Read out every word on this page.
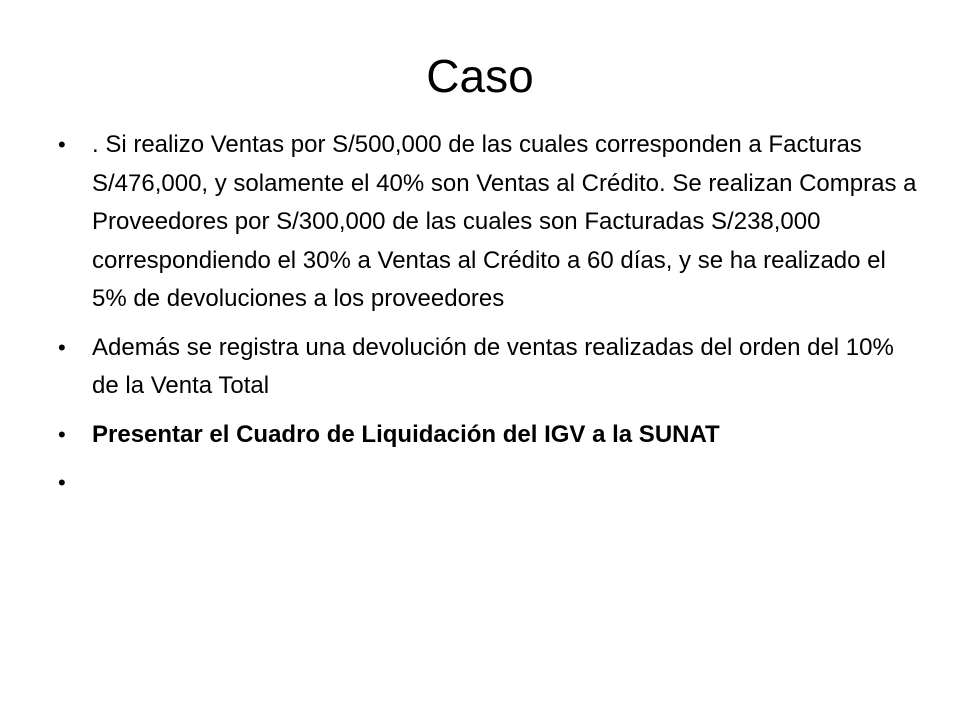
Caso
•	. Si realizo Ventas por S/500,000 de las cuales corresponden a Facturas S/476,000, y solamente el 40% son Ventas al Crédito. Se realizan Compras a Proveedores por S/300,000 de las cuales son Facturadas S/238,000 correspondiendo el 30% a Ventas al Crédito a 60 días, y se ha realizado el 5% de devoluciones a los proveedores
•	Además se registra una devolución de ventas realizadas del orden del 10% de la Venta Total
•	Presentar el Cuadro de Liquidación del IGV a la SUNAT
•
